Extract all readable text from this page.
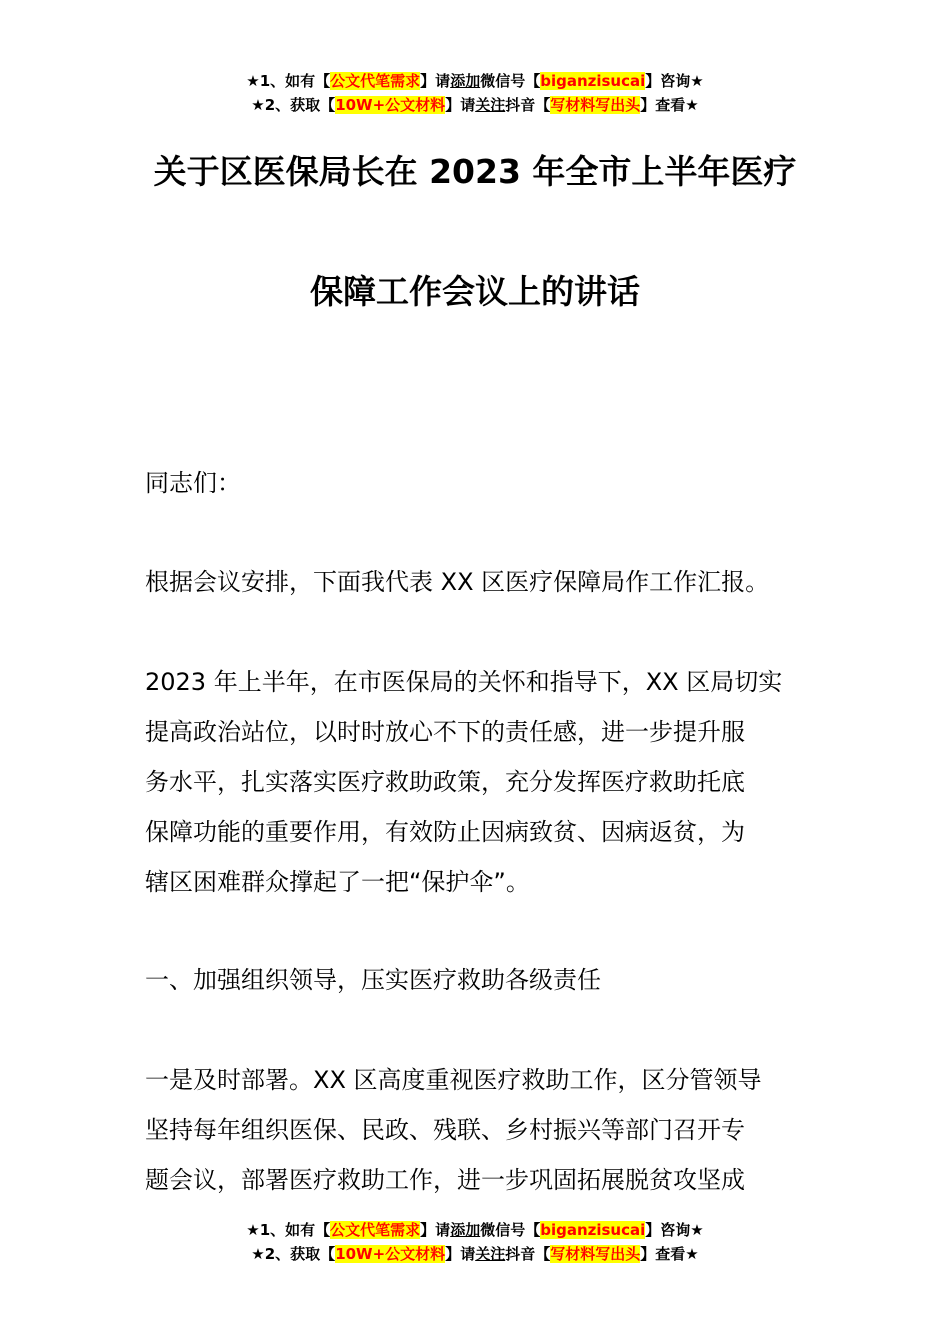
★1、如有【公文代笔需求】请添加微信号【biganzisucai】咨询★
★2、获取【10W+公文材料】请关注抖音【写材料写出头】查看★
关于区医保局长在 2023 年全市上半年医疗
保障工作会议上的讲话
同志们：
根据会议安排，下面我代表 XX 区医疗保障局作工作汇报。
2023 年上半年，在市医保局的关怀和指导下，XX 区局切实
提高政治站位，以时时放心不下的责任感，进一步提升服
务水平，扎实落实医疗救助政策，充分发挥医疗救助托底
保障功能的重要作用，有效防止因病致贫、因病返贫，为
辖区困难群众撑起了一把“保护伞”。
一、加强组织领导，压实医疗救助各级责任
一是及时部署。XX 区高度重视医疗救助工作，区分管领导
坚持每年组织医保、民政、残联、乡村振兴等部门召开专
题会议，部署医疗救助工作，进一步巩固拓展脱贫攻坚成
★1、如有【公文代笔需求】请添加微信号【biganzisucai】咨询★
★2、获取【10W+公文材料】请关注抖音【写材料写出头】查看★
